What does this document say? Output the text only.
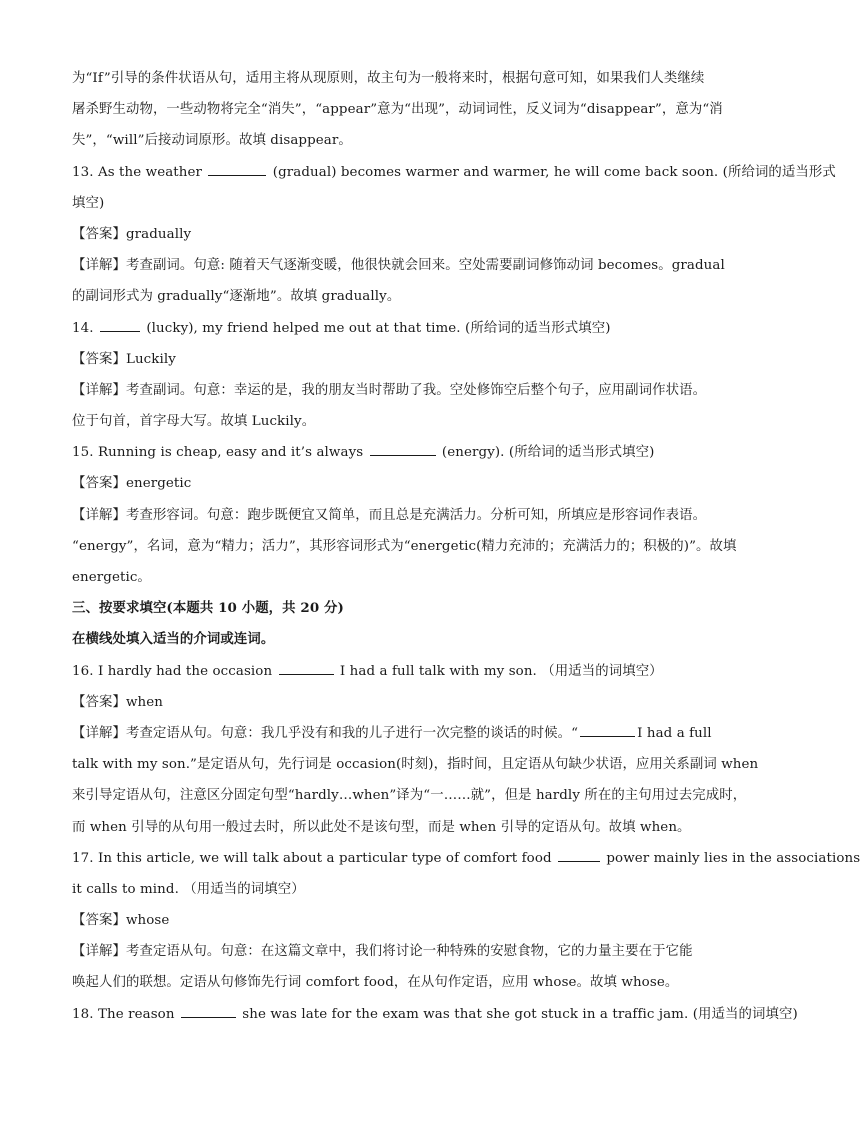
为“If”引导的条件状语从句，适用主将从现原则，故主句为一般将来时，根据句意可知，如果我们人类继续
屠杀野生动物，一些动物将完全“消失”，“appear”意为“出现”，动词词性，反义词为“disappear”，意为“消
失”，“will”后接动词原形。故填 disappear。
13. As the weather	(gradual) becomes warmer and warmer, he will come back soon. (所给词的适当形式
填空)
【答案】gradually
【详解】考查副词。句意: 随着天气逐渐变暖，他很快就会回来。空处需要副词修饰动词 becomes。gradual
的副词形式为 gradually“逐渐地”。故填 gradually。
14.	(lucky), my friend helped me out at that time. (所给词的适当形式填空)
【答案】Luckily
【详解】考查副词。句意：幸运的是，我的朋友当时帮助了我。空处修饰空后整个句子，应用副词作状语。
位于句首，首字母大写。故填 Luckily。
15. Running is cheap, easy and it’s always	(energy). (所给词的适当形式填空)
【答案】energetic
【详解】考查形容词。句意：跑步既便宜又简单，而且总是充满活力。分析可知，所填应是形容词作表语。
“energy”，名词，意为“精力；活力”，其形容词形式为“energetic(精力充沛的；充满活力的；积极的)”。故填
energetic。
三、按要求填空(本题共 10 小题，共 20 分)
在横线处填入适当的介词或连词。
16. I hardly had the occasion	I had a full talk with my son. （用适当的词填空）
【答案】when
【详解】考查定语从句。句意：我几乎没有和我的儿子进行一次完整的谈话的时候。“	I had a full
talk with my son.”是定语从句，先行词是 occasion(时刻)，指时间，且定语从句缺少状语，应用关系副词 when
来引导定语从句，注意区分固定句型“hardly…when”译为“一……就”，但是 hardly 所在的主句用过去完成时，
而 when 引导的从句用一般过去时，所以此处不是该句型，而是 when 引导的定语从句。故填 when。
17. In this article, we will talk about a particular type of comfort food	power mainly lies in the associations
it calls to mind. （用适当的词填空）
【答案】whose
【详解】考查定语从句。句意：在这篇文章中，我们将讨论一种特殊的安慰食物，它的力量主要在于它能
唤起人们的联想。定语从句修饰先行词 comfort food，在从句作定语，应用 whose。故填 whose。
18. The reason	she was late for the exam was that she got stuck in a traffic jam. (用适当的词填空)
